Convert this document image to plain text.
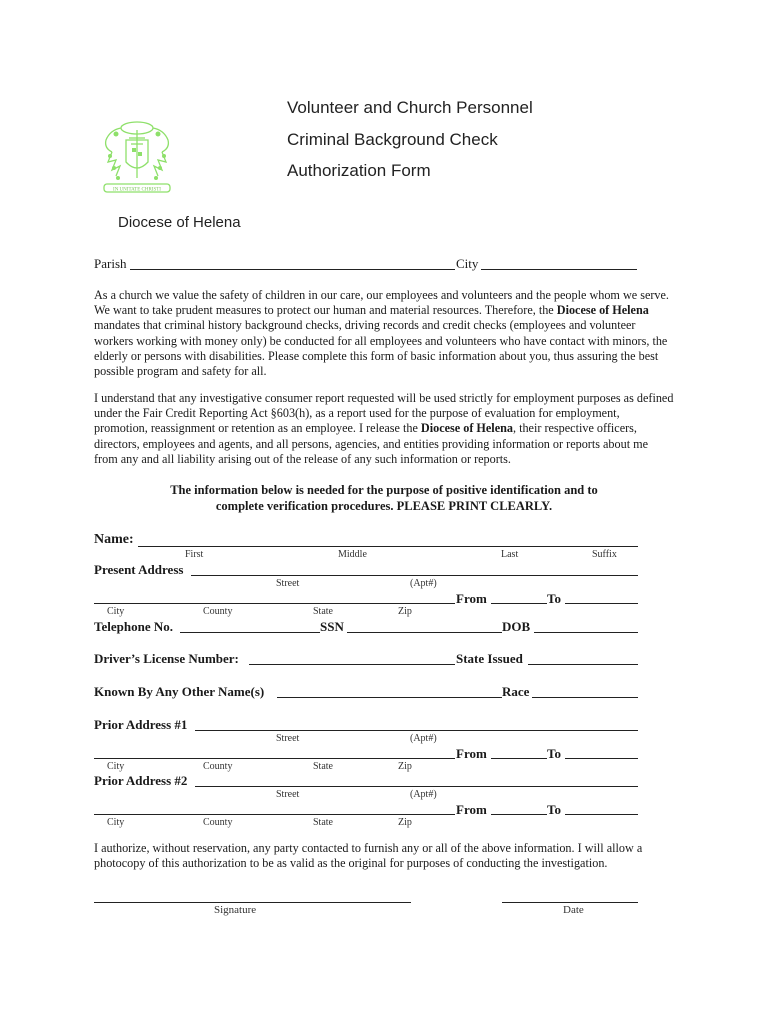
IN UNITATE CHRISTI
Volunteer and Church Personnel
Criminal Background Check
Authorization Form
Diocese of Helena
Parish	City
As a church we value the safety of children in our care, our employees and volunteers and the people whom we serve. We want to take prudent measures to protect our human and material resources. Therefore, the Diocese of Helena mandates that criminal history background checks, driving records and credit checks (employees and volunteer workers working with money only) be conducted for all employees and volunteers who have contact with minors, the elderly or persons with disabilities. Please complete this form of basic information about you, thus assuring the best possible program and safety for all.
I understand that any investigative consumer report requested will be used strictly for employment purposes as defined under the Fair Credit Reporting Act §603(h), as a report used for the purpose of evaluation for employment, promotion, reassignment or retention as an employee. I release the Diocese of Helena, their respective officers, directors, employees and agents, and all persons, agencies, and entities providing information or reports about me from any and all liability arising out of the release of any such information or reports.
The information below is needed for the purpose of positive identification and to
complete verification procedures. PLEASE PRINT CLEARLY.
Name:
First	Middle	Last	Suffix
Present Address
Street	(Apt#)
From	To
City	County	State	Zip
Telephone No.	SSN	DOB
Driver’s License Number:	State Issued
Known By Any Other Name(s)	Race
Prior Address #1
Street	(Apt#)
From	To
City	County	State	Zip
Prior Address #2
Street	(Apt#)
From	To
City	County	State	Zip
I authorize, without reservation, any party contacted to furnish any or all of the above information. I will allow a photocopy of this authorization to be as valid as the original for purposes of conducting the investigation.
Signature	Date
